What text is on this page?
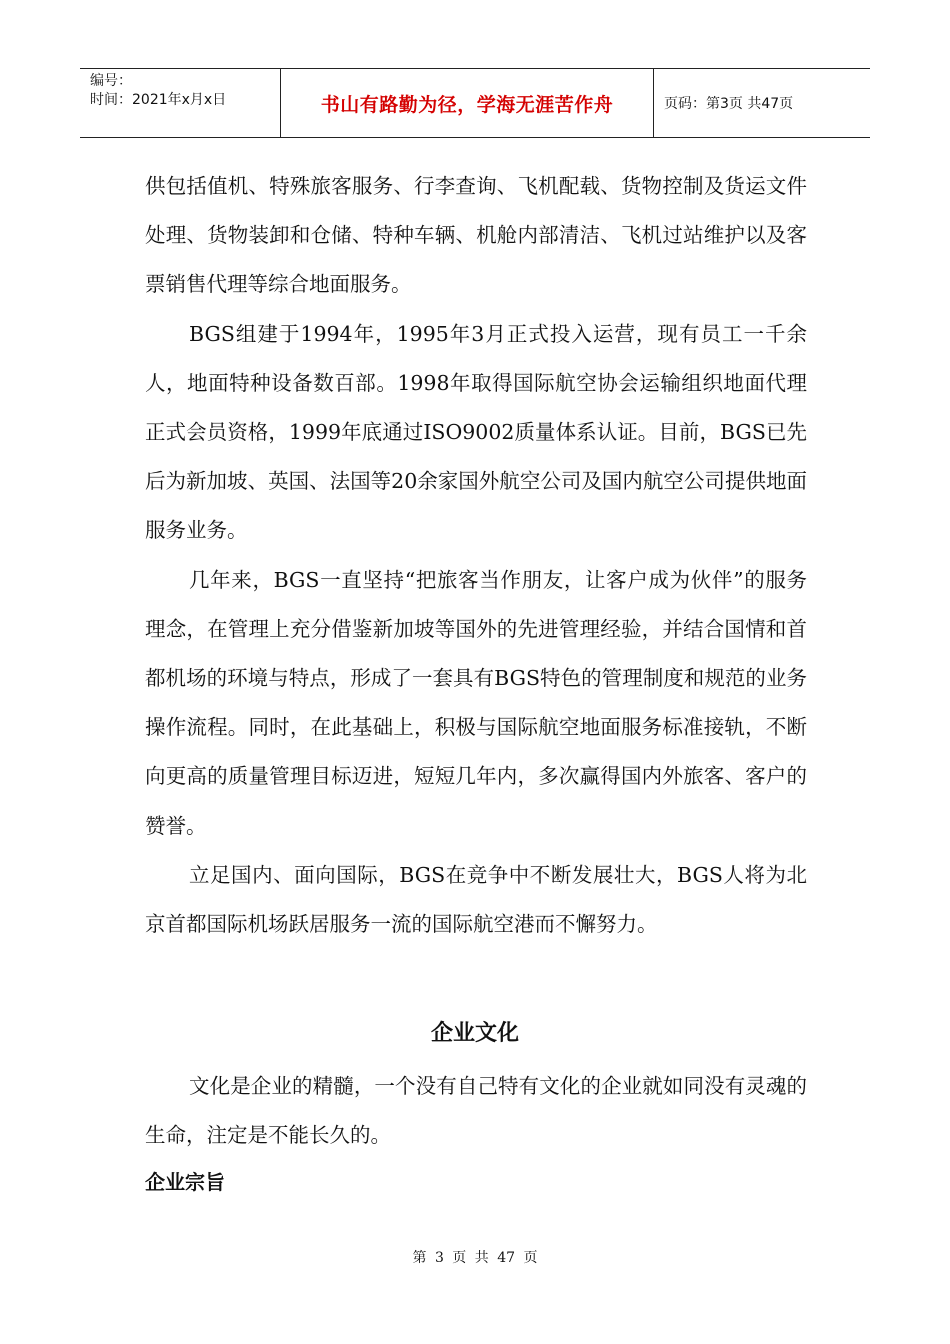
编号：
时间：2021年x月x日	书山有路勤为径，学海无涯苦作舟	页码：第3页 共47页

供包括值机、特殊旅客服务、行李查询、飞机配载、货物控制及货运文件处理、货物装卸和仓储、特种车辆、机舱内部清洁、飞机过站维护以及客票销售代理等综合地面服务。

BGS组建于1994年，1995年3月正式投入运营，现有员工一千余人，地面特种设备数百部。1998年取得国际航空协会运输组织地面代理正式会员资格，1999年底通过ISO9002质量体系认证。目前，BGS已先后为新加坡、英国、法国等20余家国外航空公司及国内航空公司提供地面服务业务。

几年来，BGS一直坚持“把旅客当作朋友，让客户成为伙伴”的服务理念，在管理上充分借鉴新加坡等国外的先进管理经验，并结合国情和首都机场的环境与特点，形成了一套具有BGS特色的管理制度和规范的业务操作流程。同时，在此基础上，积极与国际航空地面服务标准接轨，不断向更高的质量管理目标迈进，短短几年内，多次赢得国内外旅客、客户的赞誉。

立足国内、面向国际，BGS在竞争中不断发展壮大，BGS人将为北京首都国际机场跃居服务一流的国际航空港而不懈努力。

企业文化

文化是企业的精髓，一个没有自己特有文化的企业就如同没有灵魂的生命，注定是不能长久的。

企业宗旨
第 3 页 共 47 页
